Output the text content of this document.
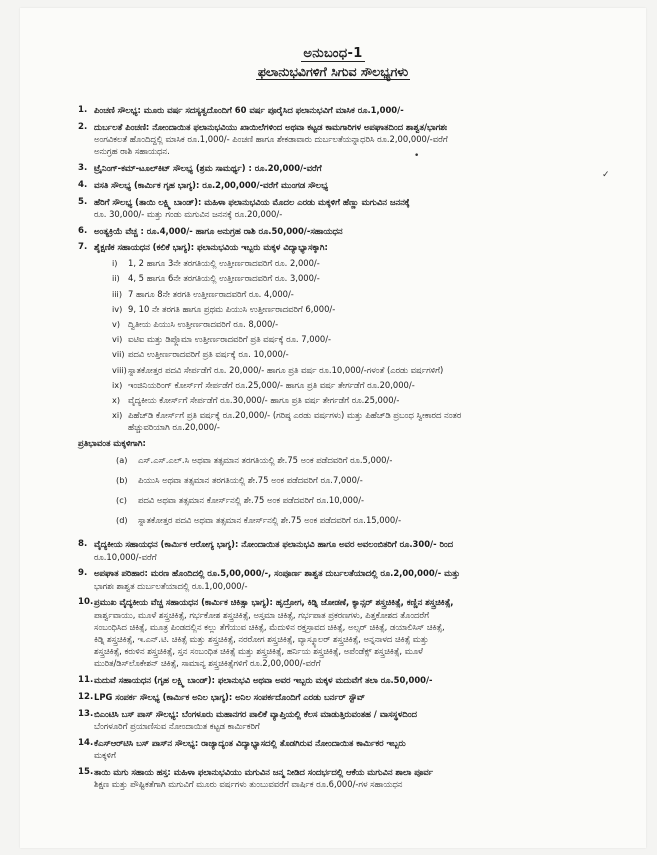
ಅನುಬಂಧ-1
ಫಲಾನುಭವಿಗಳಿಗೆ ಸಿಗುವ ಸೌಲಭ್ಯಗಳು
1. ಪಿಂಚಣಿ ಸೌಲಭ್ಯ: ಮೂರು ವರ್ಷ ಸದಸ್ಯತ್ವದೊಂದಿಗೆ 60 ವರ್ಷ ಪೂರೈಸಿದ ಫಲಾನುಭವಿಗೆ ಮಾಸಿಕ ರೂ.1,000/-
2. ದುರ್ಬಲತೆ ಪಿಂಚಣಿ: ನೋಂದಾಯಿತ ಫಲಾನುಭವಿಯು ಖಾಯಿಲೆಗಳಿಂದ ಅಥವಾ ಕಟ್ಟಡ ಕಾಮಗಾರಿಗಳ ಅಪಘಾತದಿಂದ ಶಾಶ್ವತ/ಭಾಗಶಃ
ಅಂಗವಿಕಲತೆ ಹೊಂದಿದ್ದಲ್ಲಿ ಮಾಸಿಕ ರೂ.1,000/- ಪಿಂಚಣಿ ಹಾಗೂ ಶೇಕಡಾವಾರು ದುರ್ಬಲತೆಯನ್ನಾಧರಿಸಿ ರೂ.2,00,000/-ವರೆಗೆ
ಅನುಗ್ರಹ ರಾಶಿ ಸಹಾಯಧನ.
3. ಟ್ರೈನಿಂಗ್-ಕಮ್-ಟೂಲ್‌ಕಿಟ್ ಸೌಲಭ್ಯ (ಶ್ರಮ ಸಾಮರ್ಥ್ಯ) : ರೂ.20,000/-ವರೆಗೆ
4. ವಸತಿ ಸೌಲಭ್ಯ (ಕಾರ್ಮಿಕ ಗೃಹ ಭಾಗ್ಯ): ರೂ.2,00,000/-ವರೆಗೆ ಮುಂಗಡ ಸೌಲಭ್ಯ
5. ಹೆರಿಗೆ ಸೌಲಭ್ಯ (ತಾಯಿ ಲಕ್ಷ್ಮಿ ಬಾಂಡ್): ಮಹಿಳಾ ಫಲಾನುಭವಿಯ ಮೊದಲ ಎರಡು ಮಕ್ಕಳಿಗೆ ಹೆಣ್ಣು ಮಗುವಿನ ಜನನಕ್ಕೆ
ರೂ. 30,000/- ಮತ್ತು ಗಂಡು ಮಗುವಿನ ಜನನಕ್ಕೆ ರೂ.20,000/-
6. ಅಂತ್ಯಕ್ರಿಯೆ ವೆಚ್ಚ : ರೂ.4,000/- ಹಾಗೂ ಅನುಗ್ರಹ ರಾಶಿ ರೂ.50,000/-ಸಹಾಯಧನ
7. ಶೈಕ್ಷಣಿಕ ಸಹಾಯಧನ (ಕಲಿಕೆ ಭಾಗ್ಯ): ಫಲಾನುಭವಿಯ ಇಬ್ಬರು ಮಕ್ಕಳ ವಿದ್ಯಾಭ್ಯಾಸಕ್ಕಾಗಿ:
i) 1, 2 ಹಾಗೂ 3ನೇ ತರಗತಿಯಲ್ಲಿ ಉತ್ತೀರ್ಣರಾದವರಿಗೆ ರೂ. 2,000/-
ii) 4, 5 ಹಾಗೂ 6ನೇ ತರಗತಿಯಲ್ಲಿ ಉತ್ತೀರ್ಣರಾದವರಿಗೆ ರೂ. 3,000/-
iii) 7 ಹಾಗೂ 8ನೇ ತರಗತಿ ಉತ್ತೀರ್ಣರಾದವರಿಗೆ ರೂ. 4,000/-
iv) 9, 10 ನೇ ತರಗತಿ ಹಾಗೂ ಪ್ರಥಮ ಪಿಯುಸಿ ಉತ್ತೀರ್ಣರಾದವರಿಗೆ 6,000/-
v) ದ್ವಿತೀಯ ಪಿಯುಸಿ ಉತ್ತೀರ್ಣರಾದವರಿಗೆ ರೂ. 8,000/-
vi) ಐಟಿಐ ಮತ್ತು ಡಿಪ್ಲೊಮಾ ಉತ್ತೀರ್ಣರಾದವರಿಗೆ ಪ್ರತಿ ವರ್ಷಕ್ಕೆ ರೂ. 7,000/-
vii) ಪದವಿ ಉತ್ತೀರ್ಣರಾದವರಿಗೆ ಪ್ರತಿ ವರ್ಷಕ್ಕೆ ರೂ. 10,000/-
viii) ಸ್ನಾತಕೋತ್ತರ ಪದವಿ ಸೇರ್ಪಡೆಗೆ ರೂ. 20,000/- ಹಾಗೂ ಪ್ರತಿ ವರ್ಷ ರೂ.10,000/-ಗಳಂತೆ (ಎರಡು ವರ್ಷಗಳಿಗೆ)
ix) ಇಂಜಿನಿಯರಿಂಗ್ ಕೋರ್ಸ್‌ಗೆ ಸೇರ್ಪಡೆಗೆ ರೂ.25,000/- ಹಾಗೂ ಪ್ರತಿ ವರ್ಷ ತೇರ್ಗಡೆಗೆ ರೂ.20,000/-
x) ವೈದ್ಯಕೀಯ ಕೋರ್ಸ್‌ಗೆ ಸೇರ್ಪಡೆಗೆ ರೂ.30,000/- ಹಾಗೂ ಪ್ರತಿ ವರ್ಷ ತೇರ್ಗಡೆಗೆ ರೂ.25,000/-
xi) ಪಿಹೆಚ್‌ಡಿ ಕೋರ್ಸ್‌ಗೆ ಪ್ರತಿ ವರ್ಷಕ್ಕೆ ರೂ.20,000/- (ಗರಿಷ್ಠ ಎರಡು ವರ್ಷಗಳು) ಮತ್ತು ಪಿಹೆಚ್‌ಡಿ ಪ್ರಬಂಧ ಸ್ವೀಕಾರದ ನಂತರ
ಹೆಚ್ಚುವರಿಯಾಗಿ ರೂ.20,000/-
ಪ್ರತಿಭಾವಂತ ಮಕ್ಕಳಿಗಾಗಿ:
(a) ಎಸ್.ಎಸ್.ಎಲ್.ಸಿ ಅಥವಾ ತತ್ಸಮಾನ ತರಗತಿಯಲ್ಲಿ ಶೇ.75 ಅಂಕ ಪಡೆದವರಿಗೆ ರೂ.5,000/-
(b) ಪಿಯುಸಿ ಅಥವಾ ತತ್ಸಮಾನ ತರಗತಿಯಲ್ಲಿ ಶೇ.75 ಅಂಕ ಪಡೆದವರಿಗೆ ರೂ.7,000/-
(c) ಪದವಿ ಅಥವಾ ತತ್ಸಮಾನ ಕೋರ್ಸ್‌ನಲ್ಲಿ ಶೇ.75 ಅಂಕ ಪಡೆದವರಿಗೆ ರೂ.10,000/-
(d) ಸ್ನಾತಕೋತ್ತರ ಪದವಿ ಅಥವಾ ತತ್ಸಮಾನ ಕೋರ್ಸ್‌ನಲ್ಲಿ ಶೇ.75 ಅಂಕ ಪಡೆದವರಿಗೆ ರೂ.15,000/-
8. ವೈದ್ಯಕೀಯ ಸಹಾಯಧನ (ಕಾರ್ಮಿಕ ಆರೋಗ್ಯ ಭಾಗ್ಯ): ನೋಂದಾಯಿತ ಫಲಾನುಭವಿ ಹಾಗೂ ಅವರ ಅವಲಂಬಿತರಿಗೆ ರೂ.300/- ರಿಂದ
ರೂ.10,000/-ವರೆಗೆ
9. ಅಪಘಾತ ಪರಿಹಾರ: ಮರಣ ಹೊಂದಿದಲ್ಲಿ ರೂ.5,00,000/-, ಸಂಪೂರ್ಣ ಶಾಶ್ವತ ದುರ್ಬಲತೆಯಾದಲ್ಲಿ ರೂ.2,00,000/- ಮತ್ತು
ಭಾಗಶಃ ಶಾಶ್ವತ ದುರ್ಬಲತೆಯಾದಲ್ಲಿ ರೂ.1,00,000/-
10. ಪ್ರಮುಖ ವೈದ್ಯಕೀಯ ವೆಚ್ಚ ಸಹಾಯಧನ (ಕಾರ್ಮಿಕ ಚಿಕಿತ್ಸಾ ಭಾಗ್ಯ): ಹೃದ್ರೋಗ, ಕಿಡ್ನಿ ಜೋಡಣೆ, ಕ್ಯಾನ್ಸರ್ ಶಸ್ತ್ರಚಿಕಿತ್ಸೆ, ಕಣ್ಣಿನ ಶಸ್ತ್ರಚಿಕಿತ್ಸೆ,
ಪಾರ್ಶ್ವವಾಯು, ಮೂಳೆ ಶಸ್ತ್ರಚಿಕಿತ್ಸೆ, ಗರ್ಭಕೋಶ ಶಸ್ತ್ರಚಿಕಿತ್ಸೆ, ಅಸ್ತಮಾ ಚಿಕಿತ್ಸೆ, ಗರ್ಭಪಾತ ಪ್ರಕರಣಗಳು, ಪಿತ್ತಕೋಶದ ತೊಂದರೆಗೆ
ಸಂಬಂಧಿಸಿದ ಚಿಕಿತ್ಸೆ, ಮೂತ್ರ ಪಿಂಡದಲ್ಲಿನ ಕಲ್ಲು ತೆಗೆಯುವ ಚಿಕಿತ್ಸೆ, ಮೆದುಳಿನ ರಕ್ತಸ್ರಾವದ ಚಿಕಿತ್ಸೆ, ಅಲ್ಸರ್ ಚಿಕಿತ್ಸೆ, ಡಯಾಲಿಸಿಸ್ ಚಿಕಿತ್ಸೆ,
ಕಿಡ್ನಿ ಶಸ್ತ್ರಚಿಕಿತ್ಸೆ, ಇ.ಎನ್.ಟಿ. ಚಿಕಿತ್ಸೆ ಮತ್ತು ಶಸ್ತ್ರಚಿಕಿತ್ಸೆ, ನರರೋಗ ಶಸ್ತ್ರಚಿಕಿತ್ಸೆ, ವ್ಯಾಸ್ಕ್ಯೂಲರ್ ಶಸ್ತ್ರಚಿಕಿತ್ಸೆ, ಅನ್ನನಾಳದ ಚಿಕಿತ್ಸೆ ಮತ್ತು
ಶಸ್ತ್ರಚಿಕಿತ್ಸೆ, ಕರುಳಿನ ಶಸ್ತ್ರಚಿಕಿತ್ಸೆ, ಸ್ತನ ಸಂಬಂಧಿತ ಚಿಕಿತ್ಸೆ ಮತ್ತು ಶಸ್ತ್ರಚಿಕಿತ್ಸೆ, ಹರ್ನಿಯ ಶಸ್ತ್ರಚಿಕಿತ್ಸೆ, ಅಪೆಂಡೆಕ್ಸ್ ಶಸ್ತ್ರಚಿಕಿತ್ಸೆ, ಮೂಳೆ
ಮುರಿತ/ಡಿಸ್‌ಲೊಕೇಶನ್ ಚಿಕಿತ್ಸೆ, ಸಾಮಾನ್ಯ ಶಸ್ತ್ರಚಿಕಿತ್ಸೆಗಳಿಗೆ ರೂ.2,00,000/-ವರೆಗೆ
11. ಮದುವೆ ಸಹಾಯಧನ (ಗೃಹ ಲಕ್ಷ್ಮಿ ಬಾಂಡ್): ಫಲಾನುಭವಿ ಅಥವಾ ಅವರ ಇಬ್ಬರು ಮಕ್ಕಳ ಮದುವೆಗೆ ತಲಾ ರೂ.50,000/-
12. LPG ಸಂಪರ್ಕ ಸೌಲಭ್ಯ (ಕಾರ್ಮಿಕ ಅನಿಲ ಭಾಗ್ಯ): ಅನಿಲ ಸಂಪರ್ಕದೊಂದಿಗೆ ಎರಡು ಬರ್ನರ್ ಸ್ಟೌವ್
13. ಬಿಎಂಟಿಸಿ ಬಸ್ ಪಾಸ್ ಸೌಲಭ್ಯ: ಬೆಂಗಳೂರು ಮಹಾನಗರ ಪಾಲಿಕೆ ವ್ಯಾಪ್ತಿಯಲ್ಲಿ ಕೆಲಸ ಮಾಡುತ್ತಿರುವಂತಹ / ವಾಸಸ್ಥಳದಿಂದ
ಬೆಂಗಳೂರಿಗೆ ಪ್ರಯಾಣಿಸುವ ನೋಂದಾಯಿತ ಕಟ್ಟಡ ಕಾರ್ಮಿಕರಿಗೆ
14. ಕೆಎಸ್‌ಆರ್‌ಟಿಸಿ ಬಸ್ ಪಾಸ್‌ನ ಸೌಲಭ್ಯ: ರಾಜ್ಯಾದ್ಯಂತ ವಿದ್ಯಾಭ್ಯಾಸದಲ್ಲಿ ತೊಡಗಿರುವ ನೋಂದಾಯಿತ ಕಾರ್ಮಿಕರ ಇಬ್ಬರು
ಮಕ್ಕಳಿಗೆ
15. ತಾಯಿ ಮಗು ಸಹಾಯ ಹಸ್ತ: ಮಹಿಳಾ ಫಲಾನುಭವಿಯು ಮಗುವಿನ ಜನ್ಮ ನೀಡಿದ ಸಂದರ್ಭದಲ್ಲಿ ಆಕೆಯ ಮಗುವಿನ ಶಾಲಾ ಪೂರ್ವ
ಶಿಕ್ಷಣ ಮತ್ತು ಪೌಷ್ಟಿಕತೆಗಾಗಿ ಮಗುವಿಗೆ ಮೂರು ವರ್ಷಗಳು ತುಂಬುವವರೆಗೆ ವಾರ್ಷಿಕ ರೂ.6,000/-ಗಳ ಸಹಾಯಧನ
•
✓
